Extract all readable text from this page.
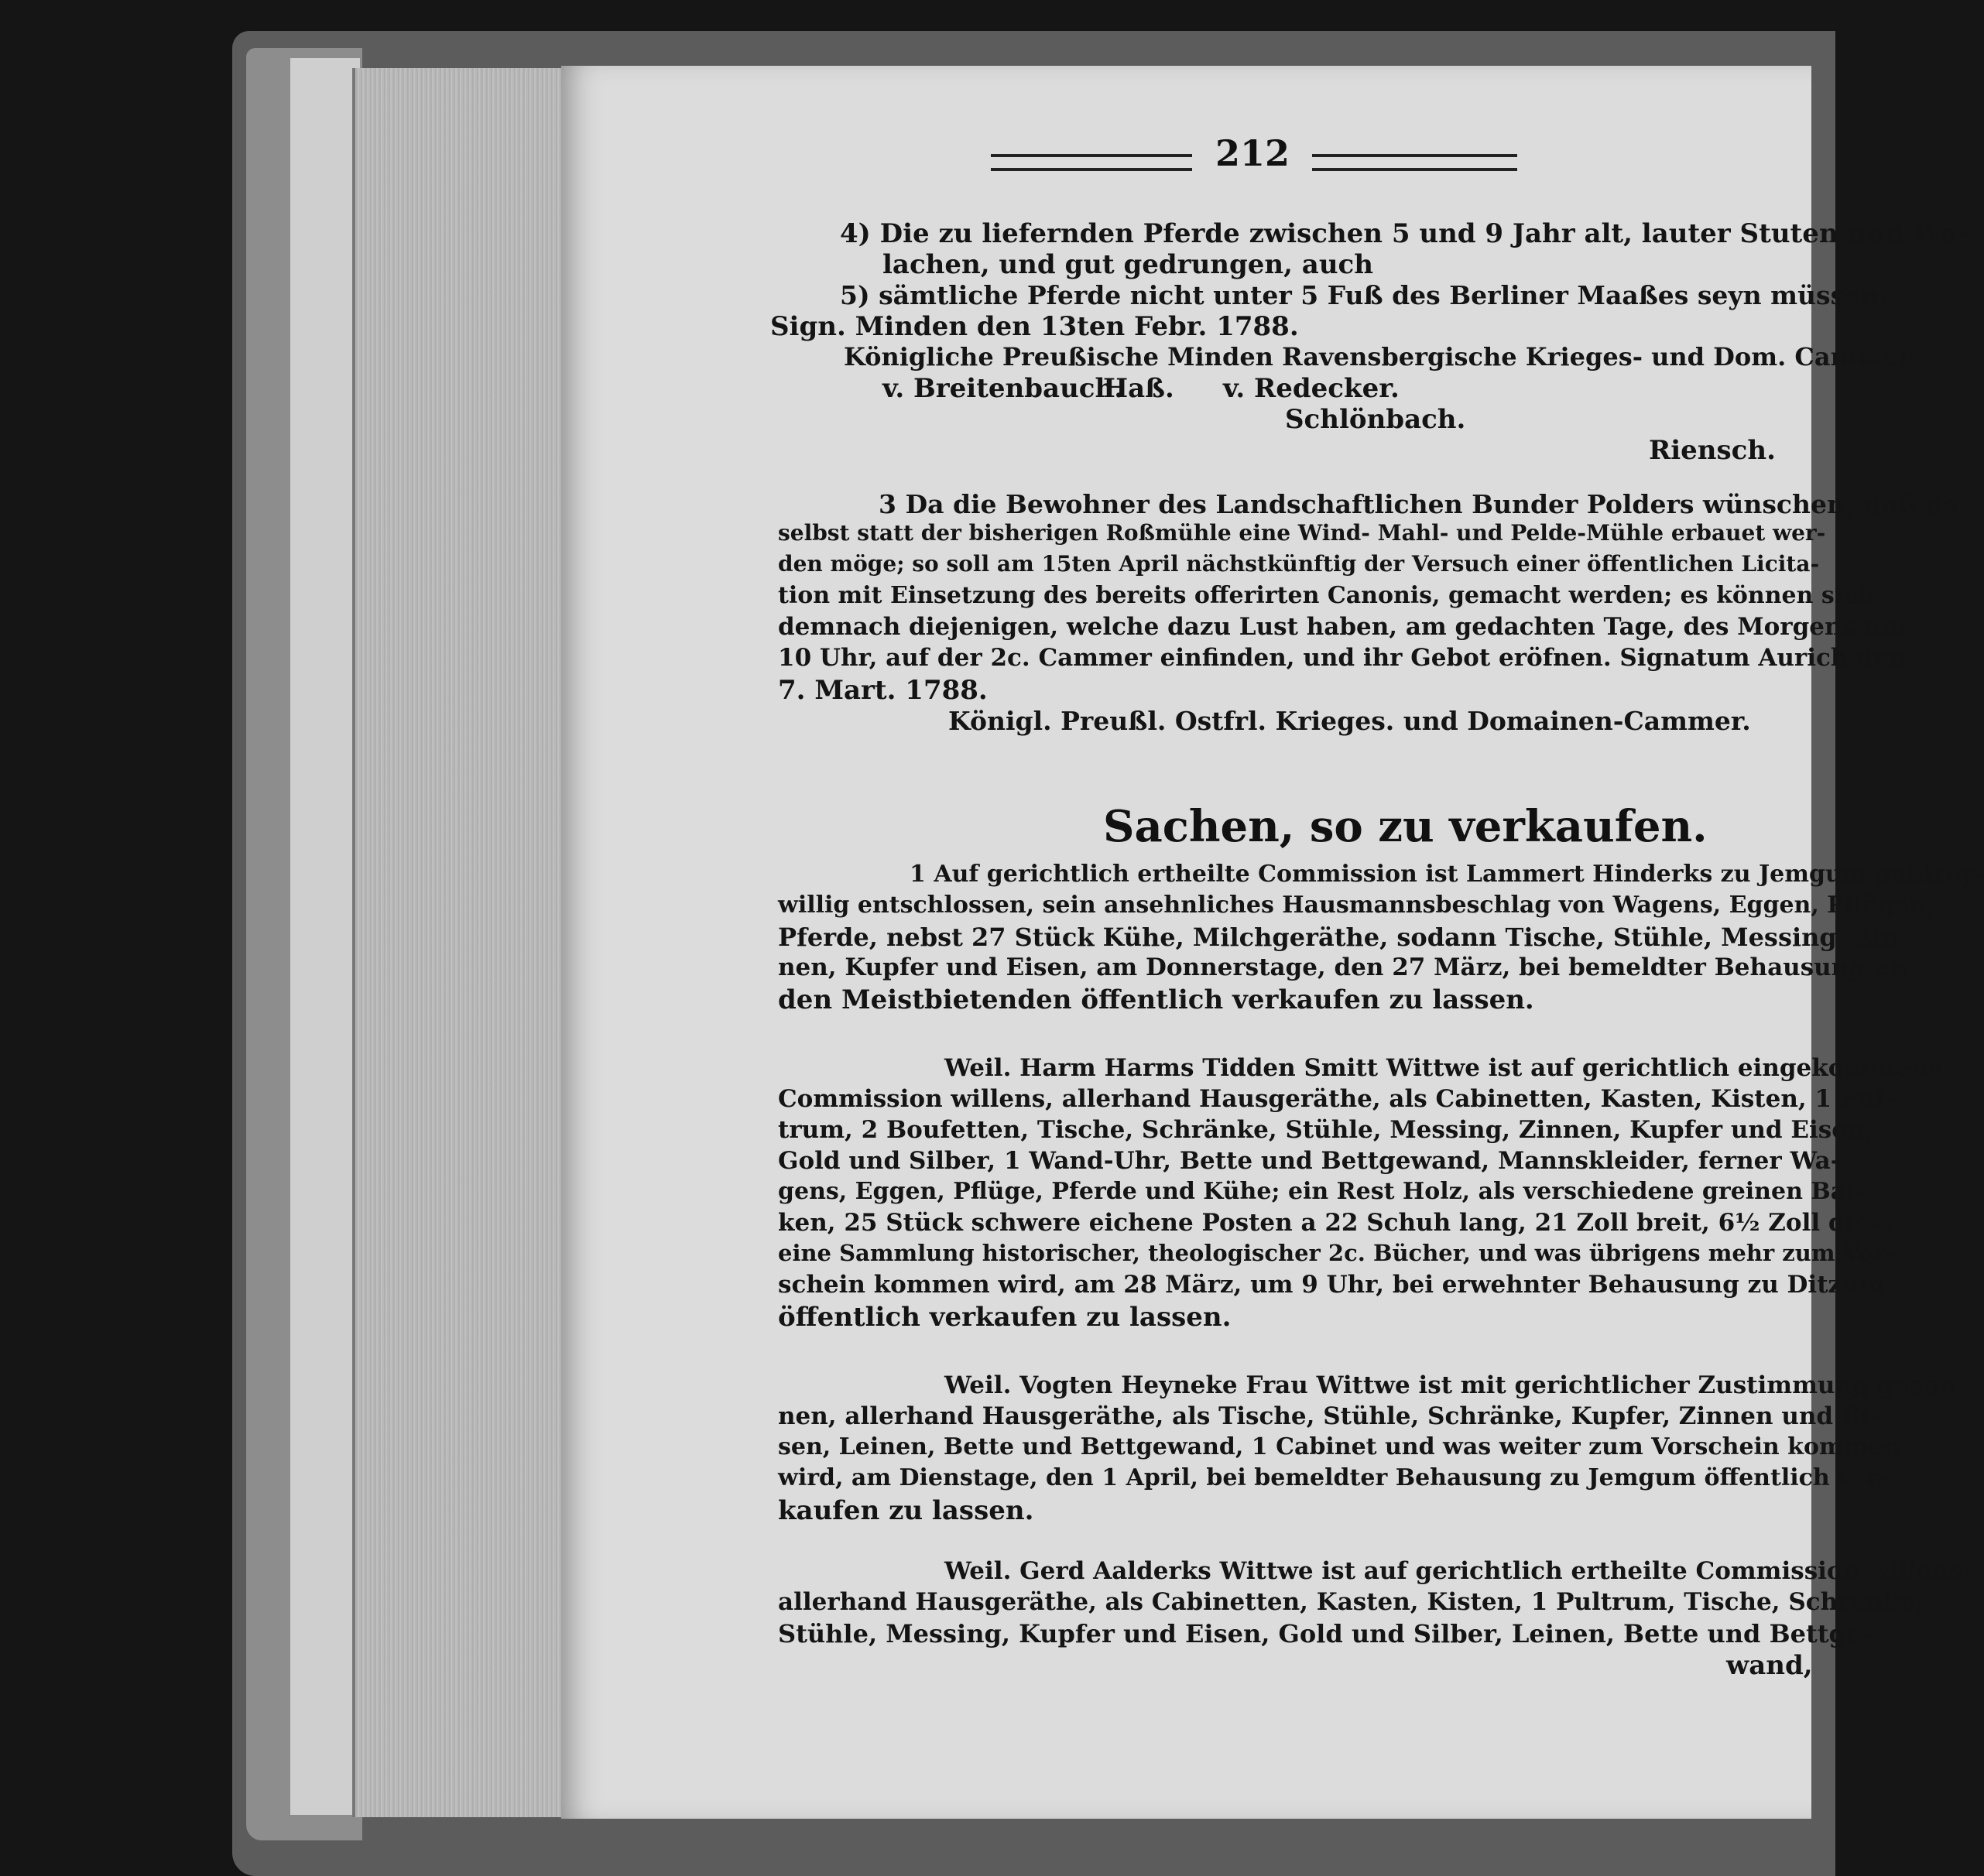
212
4) Die zu liefernden Pferde zwischen 5 und 9 Jahr alt, lauter Stuten und Wa-
lachen, und gut gedrungen, auch
5) sämtliche Pferde nicht unter 5 Fuß des Berliner Maaßes seyn müssen.
Sign. Minden den 13ten Febr. 1788.
Königliche Preußische Minden Ravensbergische Krieges- und Dom. Cammer.
v. Breitenbauch.
Haß. v. Redecker.
Schlönbach.
Riensch.
3 Da die Bewohner des Landschaftlichen Bunder Polders wünschen, daß da-
selbst statt der bisherigen Roßmühle eine Wind- Mahl- und Pelde-Mühle erbauet wer-
den möge; so soll am 15ten April nächstkünftig der Versuch einer öffentlichen Licita-
tion mit Einsetzung des bereits offerirten Canonis, gemacht werden; es können sich
demnach diejenigen, welche dazu Lust haben, am gedachten Tage, des Morgens um
10 Uhr, auf der 2c. Cammer einfinden, und ihr Gebot eröfnen. Signatum Aurich den
7. Mart. 1788.
Königl. Preußl. Ostfrl. Krieges. und Domainen-Cammer.
Sachen, so zu verkaufen.
1 Auf gerichtlich ertheilte Commission ist Lammert Hinderks zu Jemgum gaßfrey-
willig entschlossen, sein ansehnliches Hausmannsbeschlag von Wagens, Eggen, Pflügen,
Pferde, nebst 27 Stück Kühe, Milchgeräthe, sodann Tische, Stühle, Messing, Zin-
nen, Kupfer und Eisen, am Donnerstage, den 27 März, bei bemeldter Behausung an
den Meistbietenden öffentlich verkaufen zu lassen.
Weil. Harm Harms Tidden Smitt Wittwe ist auf gerichtlich eingekommene
Commission willens, allerhand Hausgeräthe, als Cabinetten, Kasten, Kisten, 1 Pul-
trum, 2 Boufetten, Tische, Schränke, Stühle, Messing, Zinnen, Kupfer und Eisen,
Gold und Silber, 1 Wand-Uhr, Bette und Bettgewand, Mannskleider, ferner Wa-
gens, Eggen, Pflüge, Pferde und Kühe; ein Rest Holz, als verschiedene greinen Bal-
ken, 25 Stück schwere eichene Posten a 22 Schuh lang, 21 Zoll breit, 6½ Zoll dick,
eine Sammlung historischer, theologischer 2c. Bücher, und was übrigens mehr zum Vor-
schein kommen wird, am 28 März, um 9 Uhr, bei erwehnter Behausung zu Ditzum
öffentlich verkaufen zu lassen.
Weil. Vogten Heyneke Frau Wittwe ist mit gerichtlicher Zustimmung geson-
nen, allerhand Hausgeräthe, als Tische, Stühle, Schränke, Kupfer, Zinnen und Ei-
sen, Leinen, Bette und Bettgewand, 1 Cabinet und was weiter zum Vorschein kommen
wird, am Dienstage, den 1 April, bei bemeldter Behausung zu Jemgum öffentlich ver-
kaufen zu lassen.
Weil. Gerd Aalderks Wittwe ist auf gerichtlich ertheilte Commission willens,
allerhand Hausgeräthe, als Cabinetten, Kasten, Kisten, 1 Pultrum, Tische, Schränke,
Stühle, Messing, Kupfer und Eisen, Gold und Silber, Leinen, Bette und Bettge-
wand,
